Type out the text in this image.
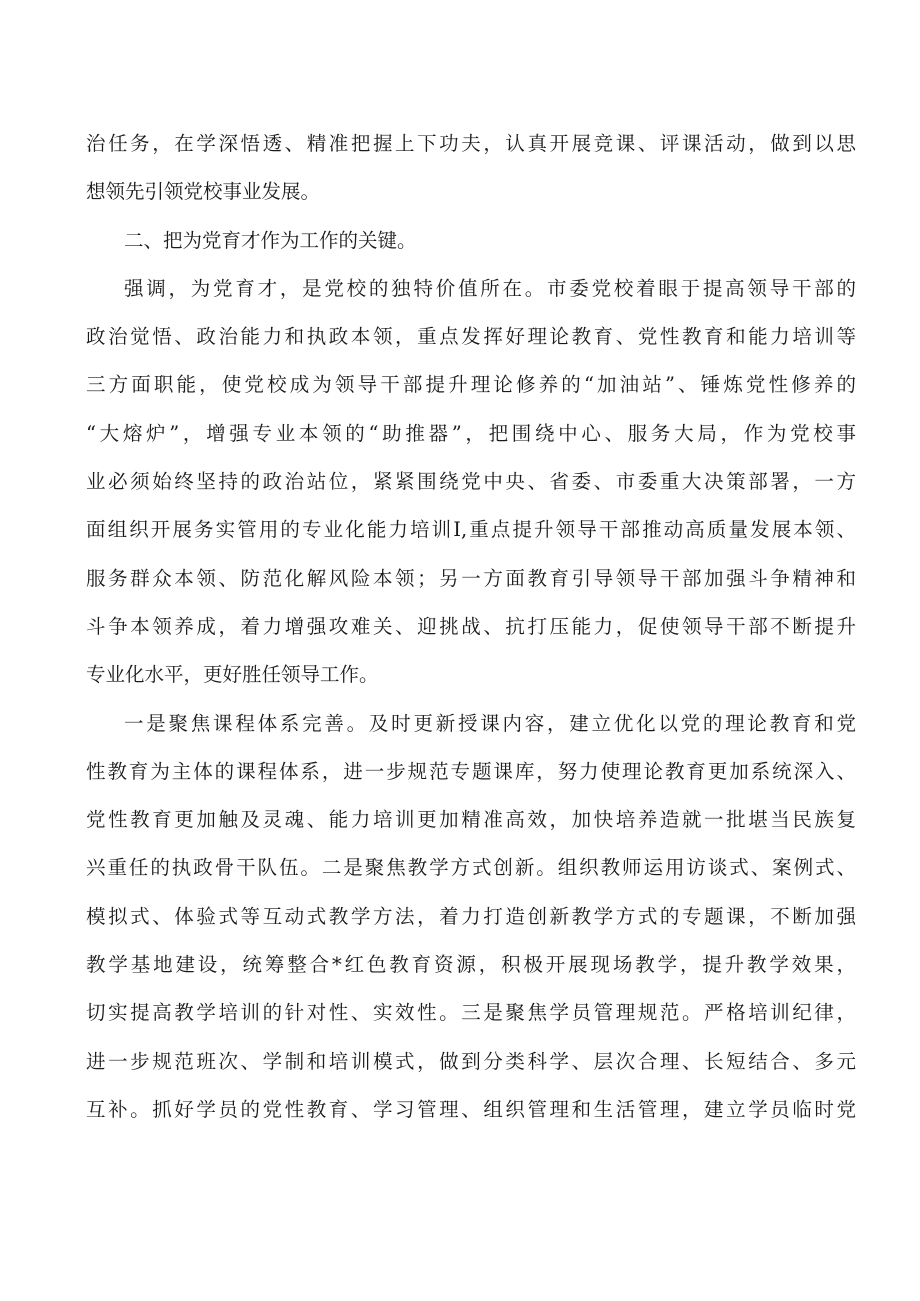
治任务，在学深悟透、精准把握上下功夫，认真开展竞课、评课活动，做到以思
想领先引领党校事业发展。
二、把为党育才作为工作的关键。
强调，为党育才，是党校的独特价值所在。市委党校着眼于提高领导干部的
政治觉悟、政治能力和执政本领，重点发挥好理论教育、党性教育和能力培训等
三方面职能，使党校成为领导干部提升理论修养的“加油站”、锤炼党性修养的
“大熔炉”，增强专业本领的“助推器”，把围绕中心、服务大局，作为党校事
业必须始终坚持的政治站位，紧紧围绕党中央、省委、市委重大决策部署，一方
面组织开展务实管用的专业化能力培训I,重点提升领导干部推动高质量发展本领、
服务群众本领、防范化解风险本领；另一方面教育引导领导干部加强斗争精神和
斗争本领养成，着力增强攻难关、迎挑战、抗打压能力，促使领导干部不断提升
专业化水平，更好胜任领导工作。
一是聚焦课程体系完善。及时更新授课内容，建立优化以党的理论教育和党
性教育为主体的课程体系，进一步规范专题课库，努力使理论教育更加系统深入、
党性教育更加触及灵魂、能力培训更加精准高效，加快培养造就一批堪当民族复
兴重任的执政骨干队伍。二是聚焦教学方式创新。组织教师运用访谈式、案例式、
模拟式、体验式等互动式教学方法，着力打造创新教学方式的专题课，不断加强
教学基地建设，统筹整合*红色教育资源，积极开展现场教学，提升教学效果，
切实提高教学培训的针对性、实效性。三是聚焦学员管理规范。严格培训纪律，
进一步规范班次、学制和培训模式，做到分类科学、层次合理、长短结合、多元
互补。抓好学员的党性教育、学习管理、组织管理和生活管理，建立学员临时党
